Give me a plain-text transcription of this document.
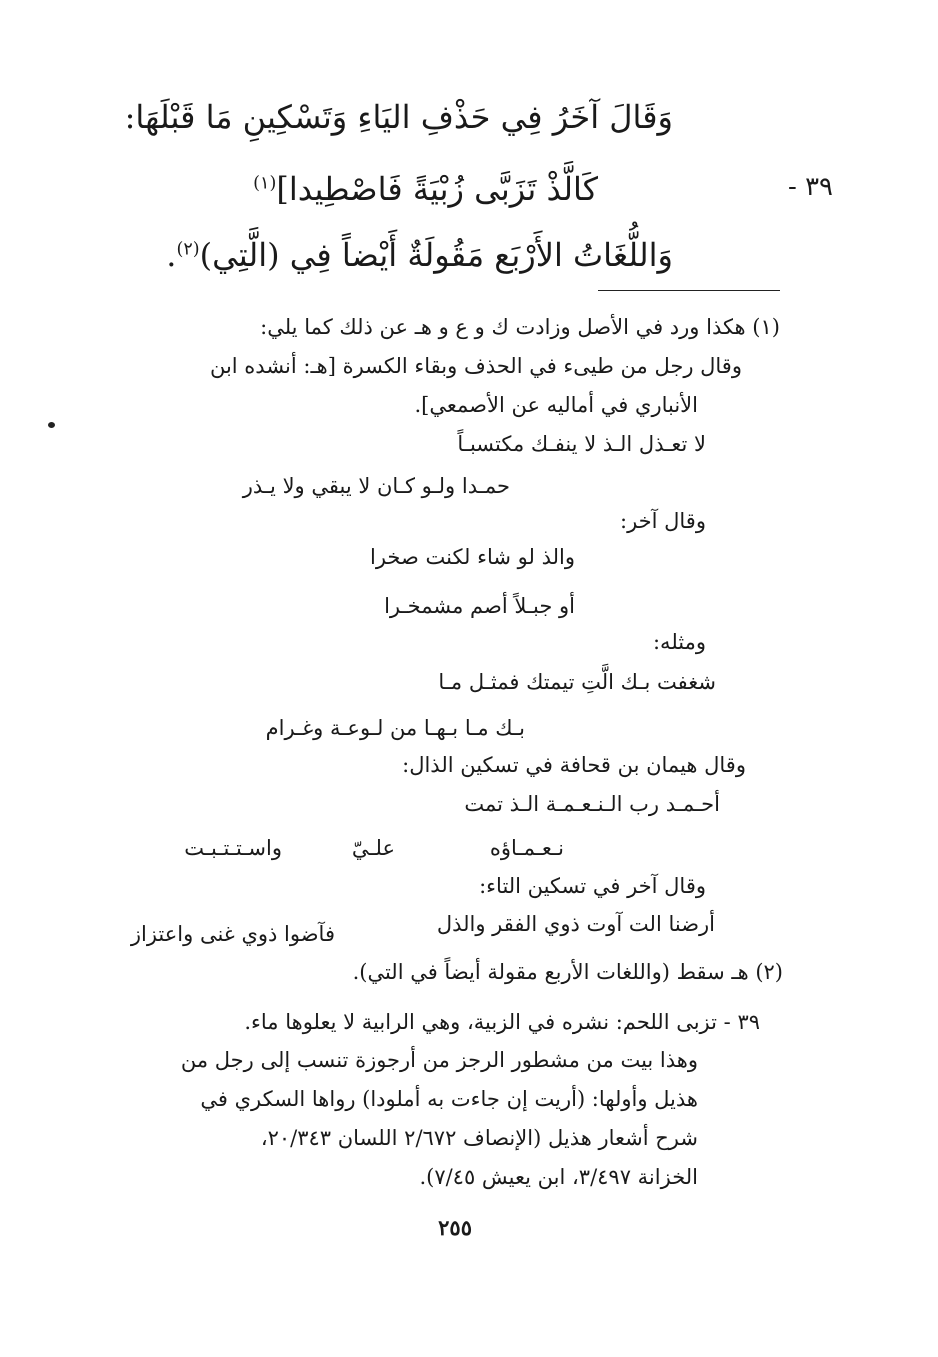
وَقَالَ آخَرُ فِي حَذْفِ اليَاءِ وَتَسْكِينِ مَا قَبْلَهَا:
٣٩ -
كَالَّذْ تَزَبَّى زُبْيَةً فَاصْطِيدا]$^{(١)}$
وَاللُّغَاتُ الأَرْبَع مَقُولَةٌ أَيْضاً فِي (الَّتِي)$^{(٢)}$.
(١) هكذا ورد في الأصل وزادت ك و ع و هـ عن ذلك كما يلي:
وقال رجل من طيىء في الحذف وبقاء الكسرة [هـ: أنشده ابن
الأنباري في أماليه عن الأصمعي].
لا تعـذل الـذ لا ينفـك مكتسبـاً
حمـدا ولـو كـان لا يبقي ولا يـذر
وقال آخر:
والذ لو شاء لكنت صخرا
أو جبـلاً أصم مشمخـرا
ومثله:
شغفت بـك الَّتِ تيمتك فمثـل مـا
بـك مـا بـهـا من لـوعـة وغـرام
وقال هيمان بن قحافة في تسكين الذال:
أحـمـد رب الـنـعـمـة الـذ تمت
نـعـمـاؤه
علـيّ
واسـتـتـبـت
وقال آخر في تسكين التاء:
أرضنا الت آوت ذوي الفقر والذل
فآضوا ذوي غنى واعتزاز
(٢) هـ سقط (واللغات الأربع مقولة أيضاً في التي).
٣٩ - تزبى اللحم: نشره في الزبية، وهي الرابية لا يعلوها ماء.
وهذا بيت من مشطور الرجز من أرجوزة تنسب إلى رجل من
هذيل وأولها: (أريت إن جاءت به أملودا) رواها السكري في
شرح أشعار هذيل (الإنصاف ٢/٦٧٢ اللسان ٢٠/٣٤٣،
الخزانة ٣/٤٩٧، ابن يعيش ٧/٤٥).
٢٥٥
